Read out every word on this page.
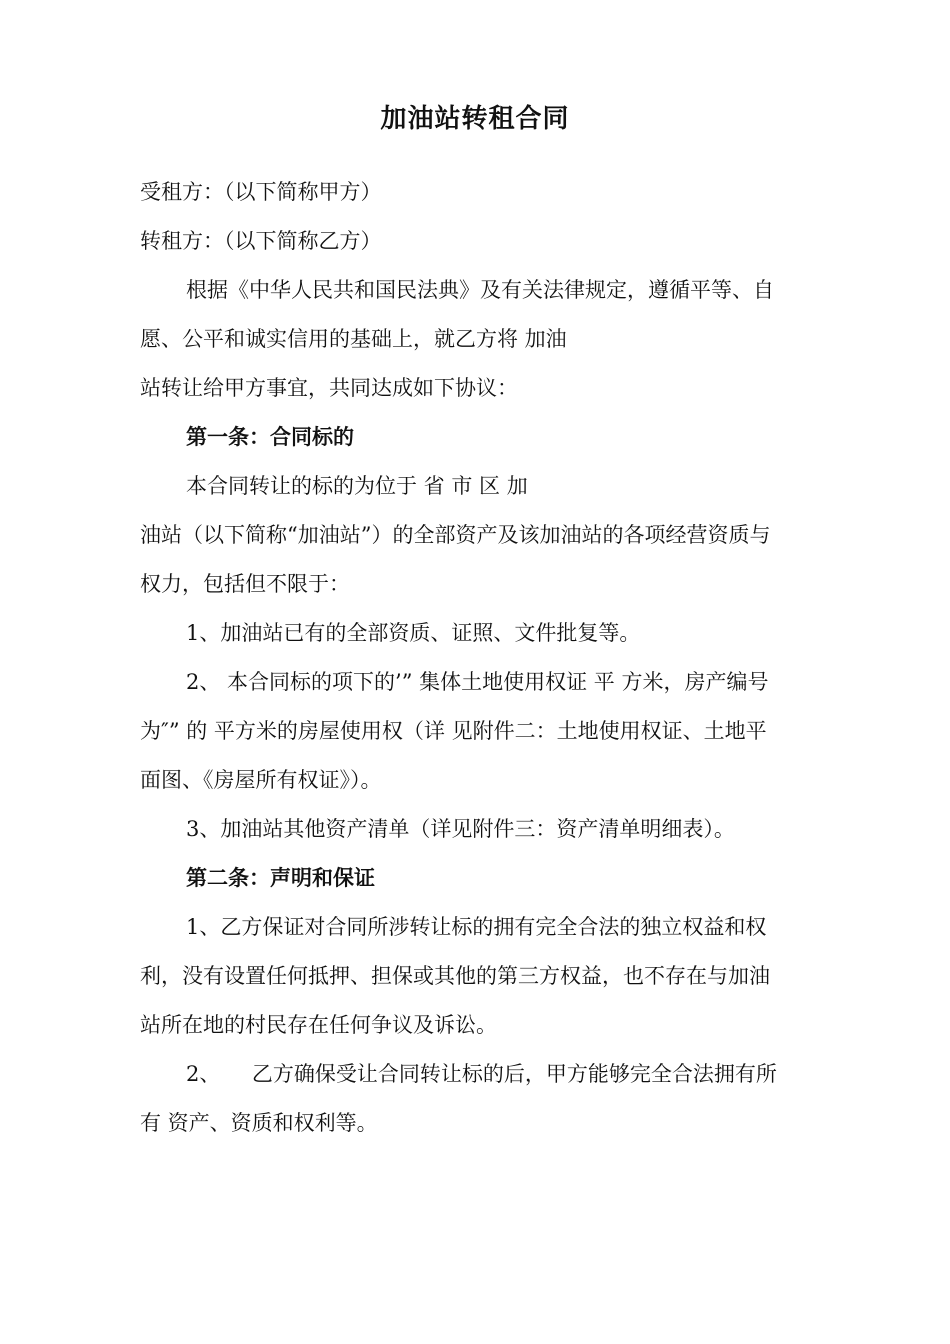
加油站转租合同
受租方：（以下简称甲方）
转租方：（以下简称乙方）
根据《中华人民共和国民法典》及有关法律规定，遵循平等、自
愿、公平和诚实信用的基础上，就乙方将 加油
站转让给甲方事宜，共同达成如下协议：
第一条：合同标的
本合同转让的标的为位于 省 市 区 加
油站（以下简称“加油站”）的全部资产及该加油站的各项经营资质与
权力，包括但不限于：
1、加油站已有的全部资质、证照、文件批复等。
2、 本合同标的项下的’” 集体土地使用权证 平 方米，房产编号
为″” 的 平方米的房屋使用权（详 见附件二：土地使用权证、土地平
面图、《房屋所有权证》）。
3、加油站其他资产清单（详见附件三：资产清单明细表）。
第二条：声明和保证
1、乙方保证对合同所涉转让标的拥有完全合法的独立权益和权
利，没有设置任何抵押、担保或其他的第三方权益，也不存在与加油
站所在地的村民存在任何争议及诉讼。
2、　　乙方确保受让合同转让标的后，甲方能够完全合法拥有所
有 资产、资质和权利等。
